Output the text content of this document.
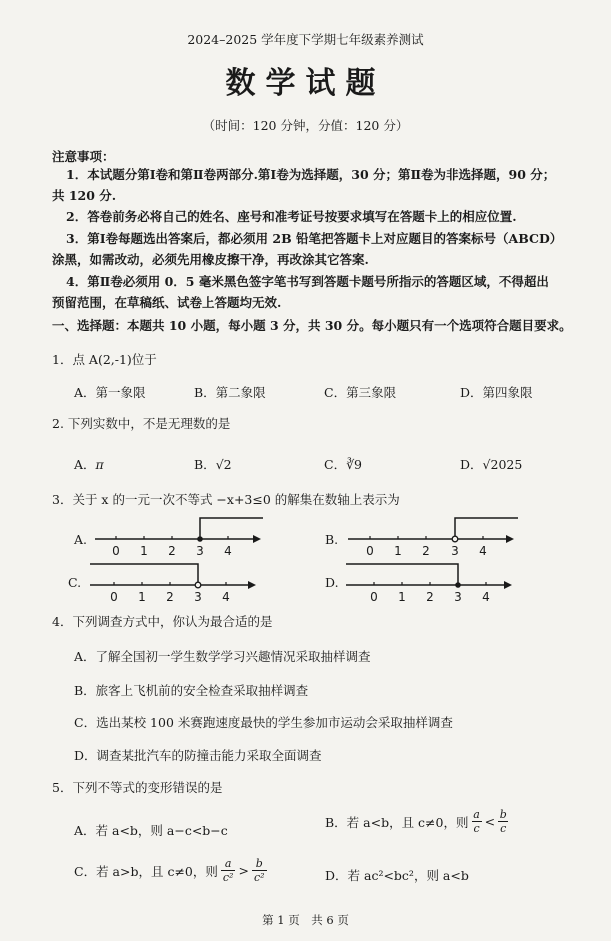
2024–2025 学年度下学期七年级素养测试
数学试题
（时间：120 分钟，分值：120 分）
注意事项：
1．本试题分第Ⅰ卷和第Ⅱ卷两部分.第Ⅰ卷为选择题，30 分；第Ⅱ卷为非选择题，90 分；
共 120 分.
2．答卷前务必将自己的姓名、座号和准考证号按要求填写在答题卡上的相应位置.
3．第Ⅰ卷每题选出答案后，都必须用 2B 铅笔把答题卡上对应题目的答案标号（ABCD）
涂黑，如需改动，必须先用橡皮擦干净，再改涂其它答案.
4．第Ⅱ卷必须用 0．5 毫米黑色签字笔书写到答题卡题号所指示的答题区域，不得超出
预留范围，在草稿纸、试卷上答题均无效.
一、选择题：本题共 10 小题，每小题 3 分，共 30 分。每小题只有一个选项符合题目要求。
1．点 A(2,-1)位于
A．第一象限	B．第二象限	C．第三象限	D．第四象限
2. 下列实数中，不是无理数的是
A．π	B．√2	C．∛9	D．√2025
3．关于 x 的一元一次不等式 −x+3≤0 的解集在数轴上表示为
A.
0 1 2 3 4
B.
0 1 2 3 4
C.
0 1 2 3 4
D.
0 1 2 3 4
4．下列调查方式中，你认为最合适的是
A．了解全国初一学生数学学习兴趣情况采取抽样调查
B．旅客上飞机前的安全检查采取抽样调查
C．选出某校 100 米赛跑速度最快的学生参加市运动会采取抽样调查
D．调查某批汽车的防撞击能力采取全面调查
5．下列不等式的变形错误的是
A．若 a<b，则 a−c<b−c
B．若 a<b，且 c≠0，则 a
c < b
c
C．若 a>b，且 c≠0，则 a
c² > b
c²	D．若 ac²<bc²，则 a<b
第 1 页　共 6 页
